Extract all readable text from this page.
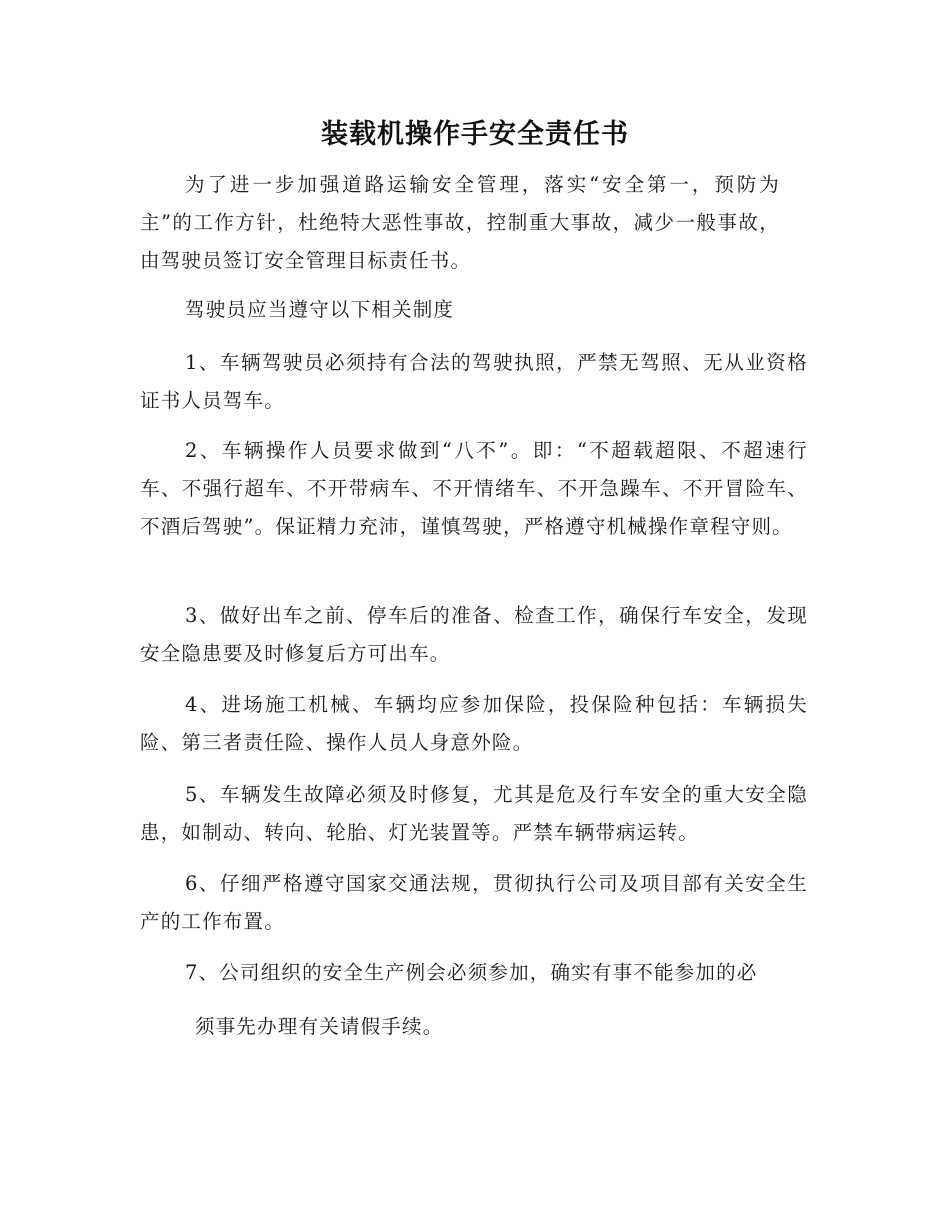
装载机操作手安全责任书

为了进一步加强道路运输安全管理，落实“安全第一，预防为主”的工作方针，杜绝特大恶性事故，控制重大事故，减少一般事故，由驾驶员签订安全管理目标责任书。

驾驶员应当遵守以下相关制度

1、车辆驾驶员必须持有合法的驾驶执照，严禁无驾照、无从业资格证书人员驾车。

2、车辆操作人员要求做到“八不”。即：“不超载超限、不超速行车、不强行超车、不开带病车、不开情绪车、不开急躁车、不开冒险车、不酒后驾驶”。保证精力充沛，谨慎驾驶，严格遵守机械操作章程守则。

3、做好出车之前、停车后的准备、检查工作，确保行车安全，发现安全隐患要及时修复后方可出车。

4、进场施工机械、车辆均应参加保险，投保险种包括：车辆损失险、第三者责任险、操作人员人身意外险。

5、车辆发生故障必须及时修复，尤其是危及行车安全的重大安全隐患，如制动、转向、轮胎、灯光装置等。严禁车辆带病运转。

6、仔细严格遵守国家交通法规，贯彻执行公司及项目部有关安全生产的工作布置。

7、公司组织的安全生产例会必须参加，确实有事不能参加的必

须事先办理有关请假手续。
